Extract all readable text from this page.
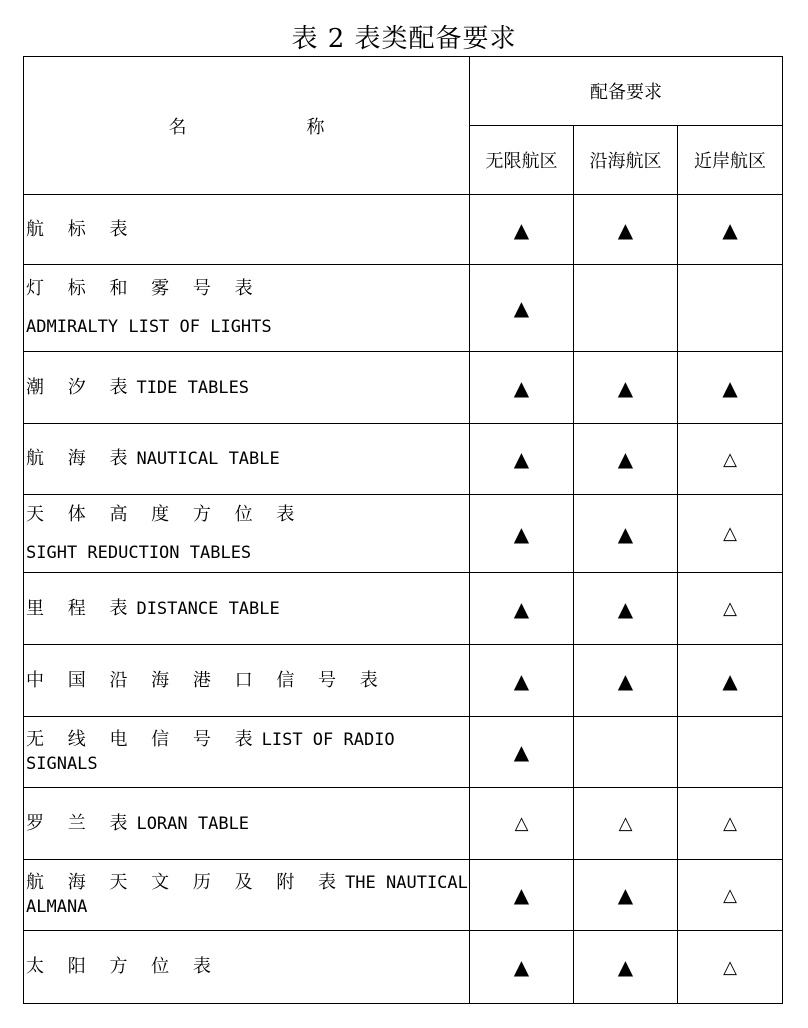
表 2 表类配备要求
名 称	配备要求		
	无限航区	沿海航区	近岸航区
航 标 表	▲	▲	▲
灯 标 和 雾 号 表
ADMIRALTY LIST OF LIGHTS	▲		
潮 汐 表TIDE TABLES	▲	▲	▲
航 海 表NAUTICAL TABLE	▲	▲	△
天 体 高 度 方 位 表
SIGHT REDUCTION TABLES	▲	▲	△
里 程 表DISTANCE TABLE	▲	▲	△
中 国 沿 海 港 口 信 号 表	▲	▲	▲
无 线 电 信 号 表LIST OF RADIO SIGNALS	▲		
罗 兰 表LORAN TABLE	△	△	△
航 海 天 文 历 及 附 表THE NAUTICAL ALMANA	▲	▲	△
太 阳 方 位 表	▲	▲	△
